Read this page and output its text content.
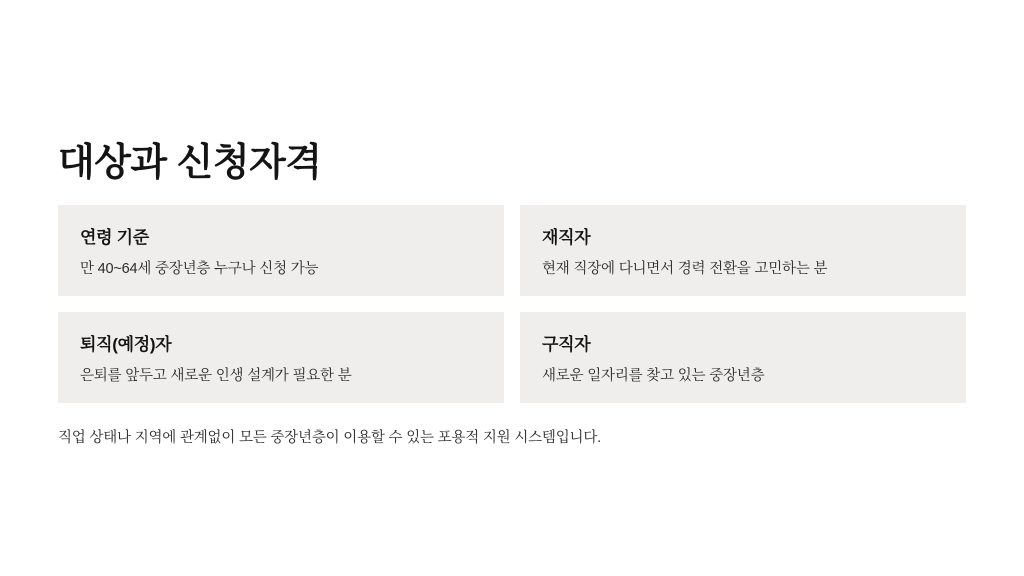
대상과 신청자격
연령 기준
만 40~64세 중장년층 누구나 신청 가능
재직자
현재 직장에 다니면서 경력 전환을 고민하는 분
퇴직(예정)자
은퇴를 앞두고 새로운 인생 설계가 필요한 분
구직자
새로운 일자리를 찾고 있는 중장년층
직업 상태나 지역에 관계없이 모든 중장년층이 이용할 수 있는 포용적 지원 시스템입니다.
